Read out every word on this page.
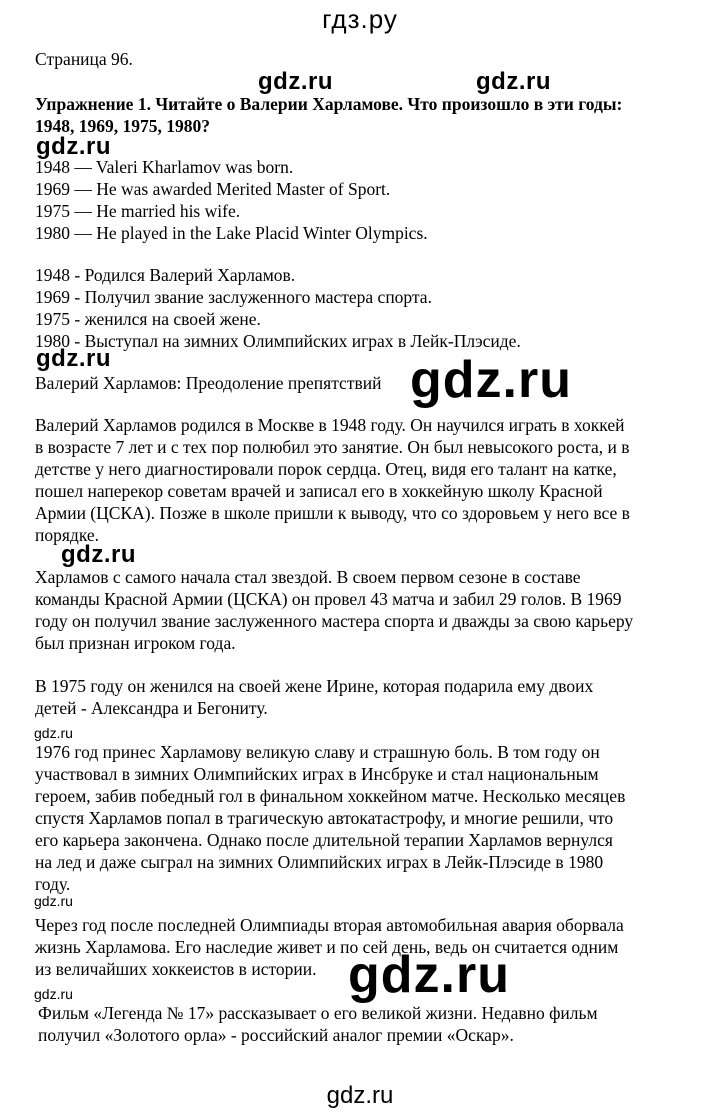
гдз.ру
Страница 96.
gdz.ru	gdz.ru
Упражнение 1. Читайте о Валерии Харламове. Что произошло в эти годы:
1948, 1969, 1975, 1980?
gdz.ru
1948 — Valeri Kharlamov was born.
1969 — He was awarded Merited Master of Sport.
1975 — He married his wife.
1980 — He played in the Lake Placid Winter Olympics.
1948 - Родился Валерий Харламов.
1969 - Получил звание заслуженного мастера спорта.
1975 - женился на своей жене.
1980 - Выступал на зимних Олимпийских играх в Лейк-Плэсиде.
gdz.ru
Валерий Харламов: Преодоление препятствий gdz.ru
Валерий Харламов родился в Москве в 1948 году. Он научился играть в хоккей
в возрасте 7 лет и с тех пор полюбил это занятие. Он был невысокого роста, и в
детстве у него диагностировали порок сердца. Отец, видя его талант на катке,
пошел наперекор советам врачей и записал его в хоккейную школу Красной
Армии (ЦСКА). Позже в школе пришли к выводу, что со здоровьем у него все в
порядке.
gdz.ru
Харламов с самого начала стал звездой. В своем первом сезоне в составе
команды Красной Армии (ЦСКА) он провел 43 матча и забил 29 голов. В 1969
году он получил звание заслуженного мастера спорта и дважды за свою карьеру
был признан игроком года.
В 1975 году он женился на своей жене Ирине, которая подарила ему двоих
детей - Александра и Бегониту.
gdz.ru
1976 год принес Харламову великую славу и страшную боль. В том году он
участвовал в зимних Олимпийских играх в Инсбруке и стал национальным
героем, забив победный гол в финальном хоккейном матче. Несколько месяцев
спустя Харламов попал в трагическую автокатастрофу, и многие решили, что
его карьера закончена. Однако после длительной терапии Харламов вернулся
на лед и даже сыграл на зимних Олимпийских играх в Лейк-Плэсиде в 1980
году.
gdz.ru
Через год после последней Олимпиады вторая автомобильная авария оборвала
жизнь Харламова. Его наследие живет и по сей день, ведь он считается одним
из величайших хоккеистов в истории. gdz.ru
gdz.ru
Фильм «Легенда № 17» рассказывает о его великой жизни. Недавно фильм
получил «Золотого орла» - российский аналог премии «Оскар».
gdz.ru
